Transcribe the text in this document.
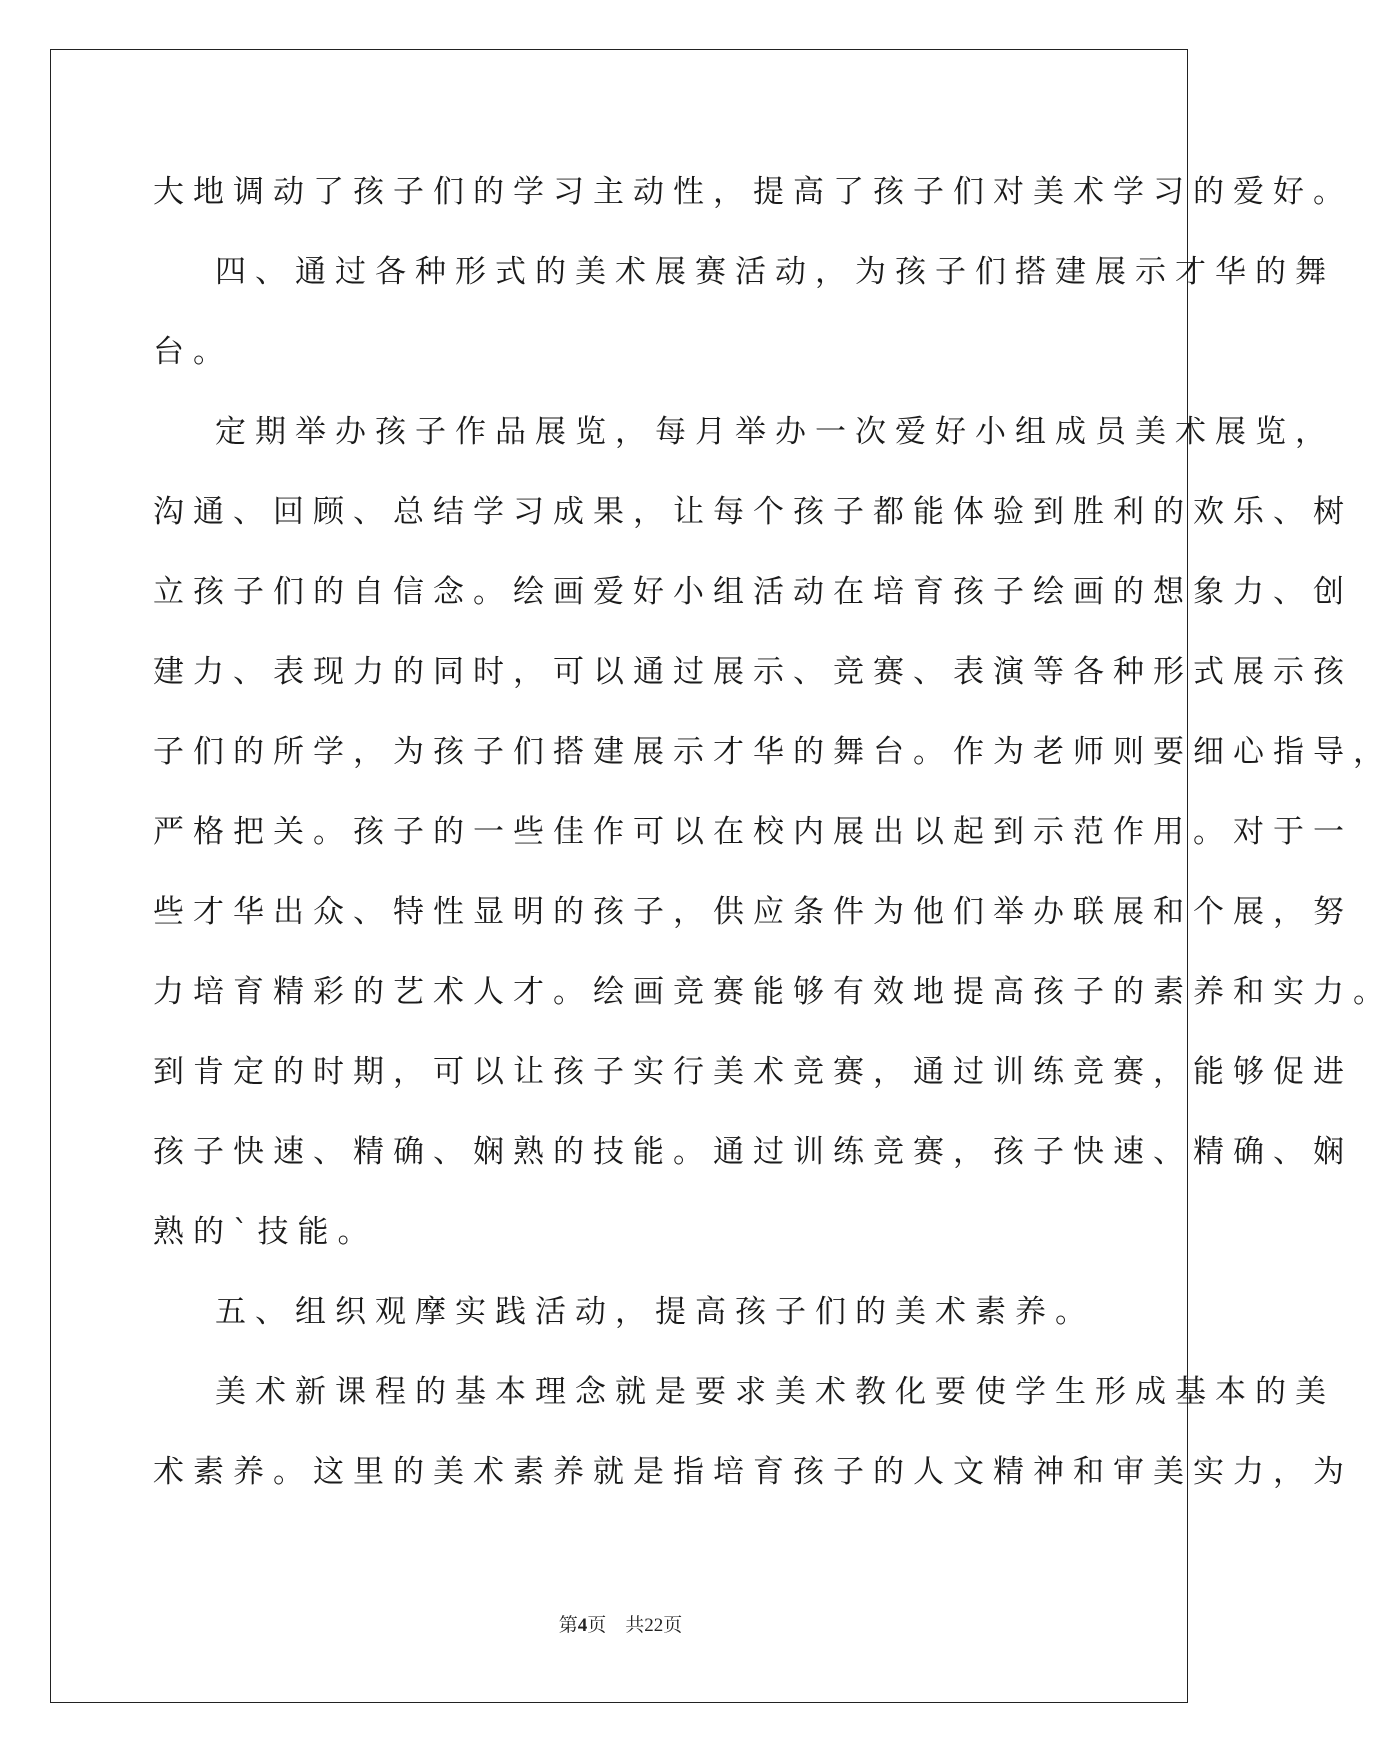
大地调动了孩子们的学习主动性，提高了孩子们对美术学习的爱好。
四、通过各种形式的美术展赛活动，为孩子们搭建展示才华的舞
台。
定期举办孩子作品展览，每月举办一次爱好小组成员美术展览，
沟通、回顾、总结学习成果，让每个孩子都能体验到胜利的欢乐、树
立孩子们的自信念。绘画爱好小组活动在培育孩子绘画的想象力、创
建力、表现力的同时，可以通过展示、竞赛、表演等各种形式展示孩
子们的所学，为孩子们搭建展示才华的舞台。作为老师则要细心指导，
严格把关。孩子的一些佳作可以在校内展出以起到示范作用。对于一
些才华出众、特性显明的孩子，供应条件为他们举办联展和个展，努
力培育精彩的艺术人才。绘画竞赛能够有效地提高孩子的素养和实力。
到肯定的时期，可以让孩子实行美术竞赛，通过训练竞赛，能够促进
孩子快速、精确、娴熟的技能。通过训练竞赛，孩子快速、精确、娴
熟的`技能。
五、组织观摩实践活动，提高孩子们的美术素养。
美术新课程的基本理念就是要求美术教化要使学生形成基本的美
术素养。这里的美术素养就是指培育孩子的人文精神和审美实力，为
第4页 共22页
